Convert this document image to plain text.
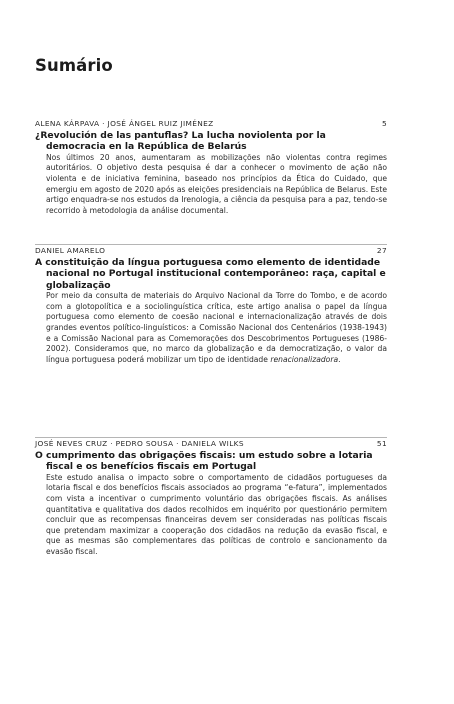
Sumário
ALENA KÁRPAVA · JOSÉ ÁNGEL RUIZ JIMÉNEZ	5

¿Revolución de las pantuflas? La lucha noviolenta por la democracia en la República de Belarús

Nos últimos 20 anos, aumentaram as mobilizações não violentas contra regimes autoritários. O objetivo desta pesquisa é dar a conhecer o movimento de ação não violenta e de iniciativa feminina, baseado nos princípios da Ética do Cuidado, que emergiu em agosto de 2020 após as eleições presidenciais na República de Belarus. Este artigo enquadra-se nos estudos da Irenologia, a ciência da pesquisa para a paz, tendo-se recorrido à metodologia da análise documental.

DANIEL AMARELO	27

A constituição da língua portuguesa como elemento de identidade nacional no Portugal institucional contemporâneo: raça, capital e globalização

Por meio da consulta de materiais do Arquivo Nacional da Torre do Tombo, e de acordo com a glotopolítica e a sociolinguística crítica, este artigo analisa o papel da língua portuguesa como elemento de coesão nacional e internacionalização através de dois grandes eventos político-linguísticos: a Comissão Nacional dos Centenários (1938-1943) e a Comissão Nacional para as Comemorações dos Descobrimentos Portugueses (1986-2002). Consideramos que, no marco da globalização e da democratização, o valor da língua portuguesa poderá mobilizar um tipo de identidade renacionalizadora.

JOSÉ NEVES CRUZ · PEDRO SOUSA · DANIELA WILKS	51

O cumprimento das obrigações fiscais: um estudo sobre a lotaria fiscal e os benefícios fiscais em Portugal

Este estudo analisa o impacto sobre o comportamento de cidadãos portugueses da lotaria fiscal e dos benefícios fiscais associados ao programa “e-fatura”, implementados com vista a incentivar o cumprimento voluntário das obrigações fiscais. As análises quantitativa e qualitativa dos dados recolhidos em inquérito por questionário permitem concluir que as recompensas financeiras devem ser consideradas nas políticas fiscais que pretendam maximizar a cooperação dos cidadãos na redução da evasão fiscal, e que as mesmas são complementares das políticas de controlo e sancionamento da evasão fiscal.
